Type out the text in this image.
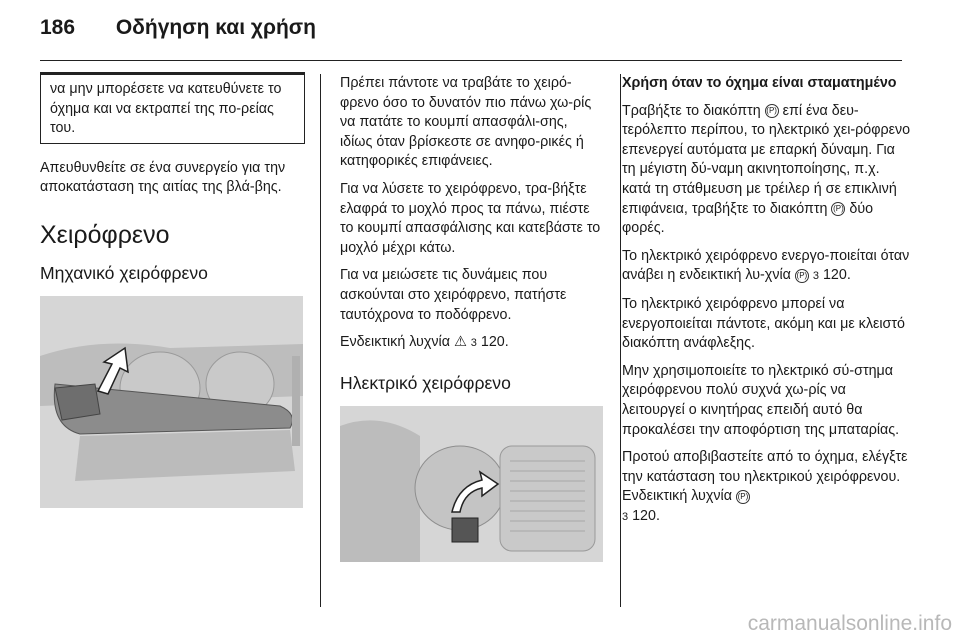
186 Οδήγηση και χρήση
να μην μπορέσετε να κατευθύνετε το όχημα και να εκτραπεί της πο-ρείας του.

Απευθυνθείτε σε ένα συνεργείο για την αποκατάσταση της αιτίας της βλά-βης.

Χειρόφρενο
Μηχανικό χειρόφρενο

Πρέπει πάντοτε να τραβάτε το χειρό-φρενο όσο το δυνατόν πιο πάνω χω-ρίς να πατάτε το κουμπί απασφάλι-σης, ιδίως όταν βρίσκεστε σε ανηφο-ρικές ή κατηφορικές επιφάνειες.

Για να λύσετε το χειρόφρενο, τρα-βήξτε ελαφρά το μοχλό προς τα πάνω, πιέστε το κουμπί απασφάλισης και κατεβάστε το μοχλό μέχρι κάτω.

Για να μειώσετε τις δυνάμεις που ασκούνται στο χειρόφρενο, πατήστε ταυτόχρονα το ποδόφρενο.

Ενδεικτική λυχνία ⚠ 3 120.

Ηλεκτρικό χειρόφρενο

Χρήση όταν το όχημα είναι σταματημένο

Τραβήξτε το διακόπτη (P) επί ένα δευ-τερόλεπτο περίπου, το ηλεκτρικό χει-ρόφρενο επενεργεί αυτόματα με επαρκή δύναμη. Για τη μέγιστη δύ-ναμη ακινητοποίησης, π.χ. κατά τη στάθμευση με τρέιλερ ή σε επικλινή επιφάνεια, τραβήξτε το διακόπτη (P) δύο φορές.

Το ηλεκτρικό χειρόφρενο ενεργο-ποιείται όταν ανάβει η ενδεικτική λυ-χνία (P) 3 120.

Το ηλεκτρικό χειρόφρενο μπορεί να ενεργοποιείται πάντοτε, ακόμη και με κλειστό διακόπτη ανάφλεξης.

Μην χρησιμοποιείτε το ηλεκτρικό σύ-στημα χειρόφρενου πολύ συχνά χω-ρίς να λειτουργεί ο κινητήρας επειδή αυτό θα προκαλέσει την αποφόρτιση της μπαταρίας.

Προτού αποβιβαστείτε από το όχημα, ελέγξτε την κατάσταση του ηλεκτρικού χειρόφρενου. Ενδεικτική λυχνία (P)
3 120.

carmanualsonline.info
